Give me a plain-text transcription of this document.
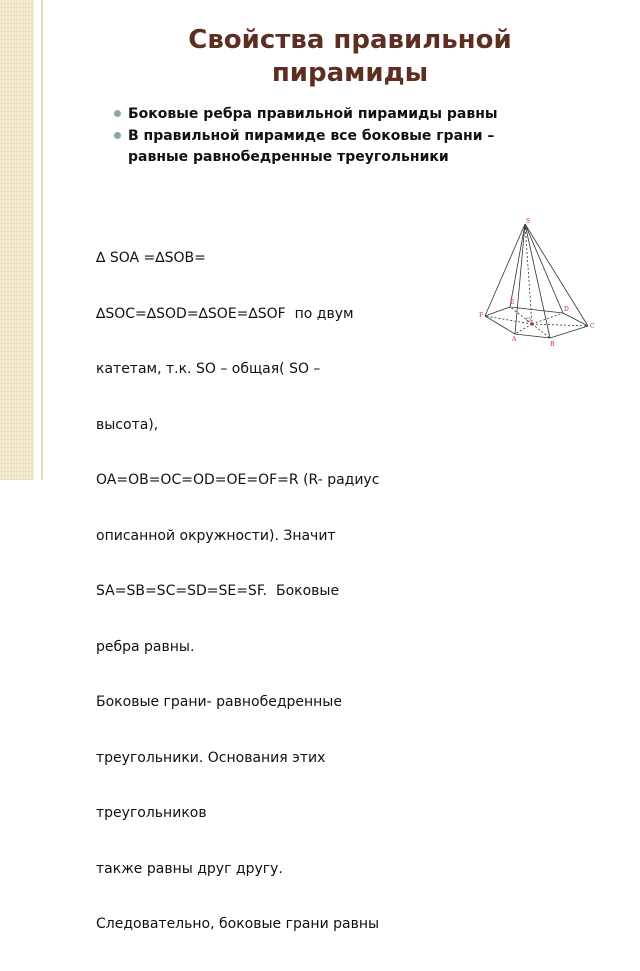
Свойства правильной
пирамиды
Боковые ребра правильной пирамиды равны
В правильной пирамиде все боковые грани –
равные равнобедренные треугольники

∆ SOA =∆SOB=

∆SOC=∆SOD=∆SOE=∆SOF  по двум

катетам, т.к. SO – общая( SO –

высота),

OA=OB=OC=OD=OE=OF=R (R- радиус

описанной окружности). Значит

SA=SB=SC=SD=SE=SF.  Боковые

ребра равны.

Боковые грани- равнобедренные

треугольники. Основания этих

треугольников

также равны друг другу.

Следовательно, боковые грани равны

S
O
E
D
C
B
A
F
